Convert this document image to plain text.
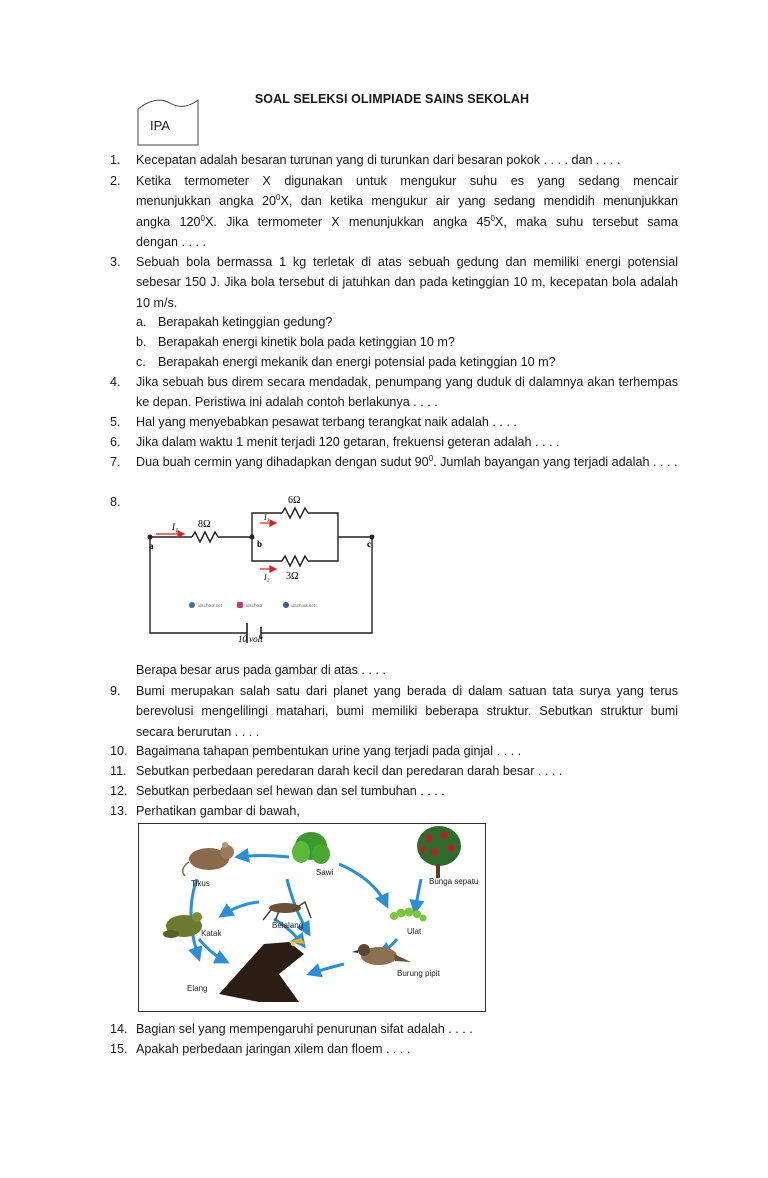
SOAL SELEKSI OLIMPIADE SAINS SEKOLAH
IPA
1. Kecepatan adalah besaran turunan yang di turunkan dari besaran pokok . . . . dan . . . .
2. Ketika termometer X digunakan untuk mengukur suhu es yang sedang mencair
menunjukkan angka $20^0X$, dan ketika mengukur air yang sedang mendidih menunjukkan
angka $120^0X$. Jika termometer X menunjukkan angka $45^0X$, maka suhu tersebut sama
dengan . . . .
3. Sebuah bola bermassa 1 kg terletak di atas sebuah gedung dan memiliki energi potensial sebesar 150 J. Jika bola tersebut di jatuhkan dan pada ketinggian 10 m, kecepatan bola adalah 10 m/s.
a. Berapakah ketinggian gedung?
b. Berapakah energi kinetik bola pada ketinggian 10 m?
c. Berapakah energi mekanik dan energi potensial pada ketinggian 10 m?
4. Jika sebuah bus direm secara mendadak, penumpang yang duduk di dalamnya akan terhempas ke depan. Peristiwa ini adalah contoh berlakunya . . . .
5. Hal yang menyebabkan pesawat terbang terangkat naik adalah . . . .
6. Jika dalam waktu 1 menit terjadi 120 getaran, frekuensi geteran adalah . . . .
7. Dua buah cermin yang dihadapkan dengan sudut $90^0$. Jumlah bayangan yang terjadi adalah . . . .
8.
8Ω
6Ω
3Ω
I₁
I₃
I₂
a	b	c
10 volt
idschool.net	idschool	idschool.net
Berapa besar arus pada gambar di atas . . . .
9. Bumi merupakan salah satu dari planet yang berada di dalam satuan tata surya yang terus berevolusi mengelilingi matahari, bumi memiliki beberapa struktur. Sebutkan struktur bumi secara berurutan . . . .
10. Bagaimana tahapan pembentukan urine yang terjadi pada ginjal . . . .
11. Sebutkan perbedaan peredaran darah kecil dan peredaran darah besar . . . .
12. Sebutkan perbedaan sel hewan dan sel tumbuhan . . . .
13. Perhatikan gambar di bawah,
Tikus
Sawi
Bunga sepatu
Katak
Belalang
Ulat
Elang
Burung pipit
14. Bagian sel yang mempengaruhi penurunan sifat adalah . . . .
15. Apakah perbedaan jaringan xilem dan floem . . . .
